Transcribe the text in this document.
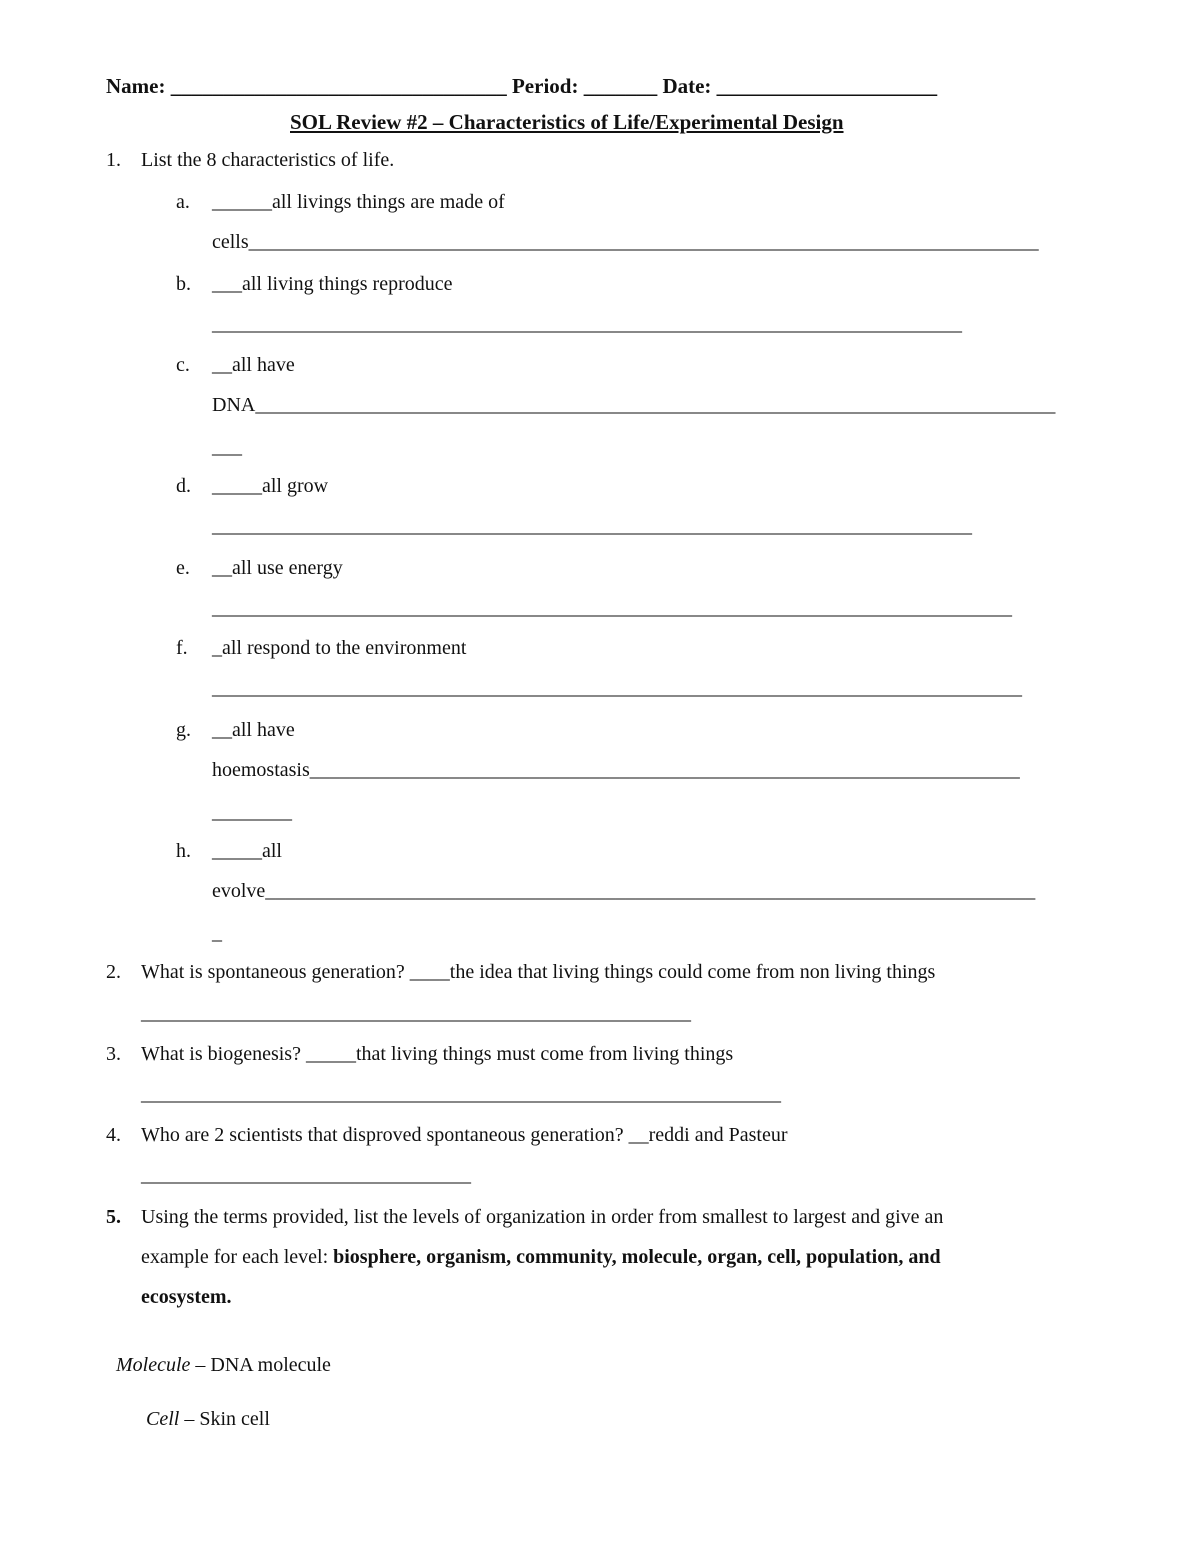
Name: ________________________________ Period: _______ Date: _____________________
SOL Review #2 – Characteristics of Life/Experimental Design
1. List the 8 characteristics of life.
a. ______all livings things are made of
cells_______________________________________________________________________________
b. ___all living things reproduce
___________________________________________________________________________
c. __all have
DNA________________________________________________________________________________
___
d. _____all grow
____________________________________________________________________________
e. __all use energy
________________________________________________________________________________
f. _all respond to the environment
_________________________________________________________________________________
g. __all have
hoemostasis_______________________________________________________________________
________
h. _____all
evolve_____________________________________________________________________________
_
2. What is spontaneous generation? ____the idea that living things could come from non living things
_______________________________________________________
3. What is biogenesis? _____that living things must come from living things
________________________________________________________________
4. Who are 2 scientists that disproved spontaneous generation? __reddi and Pasteur
_________________________________
5. Using the terms provided, list the levels of organization in order from smallest to largest and give an
example for each level: biosphere, organism, community, molecule, organ, cell, population, and
ecosystem.
Molecule – DNA molecule
Cell – Skin cell
